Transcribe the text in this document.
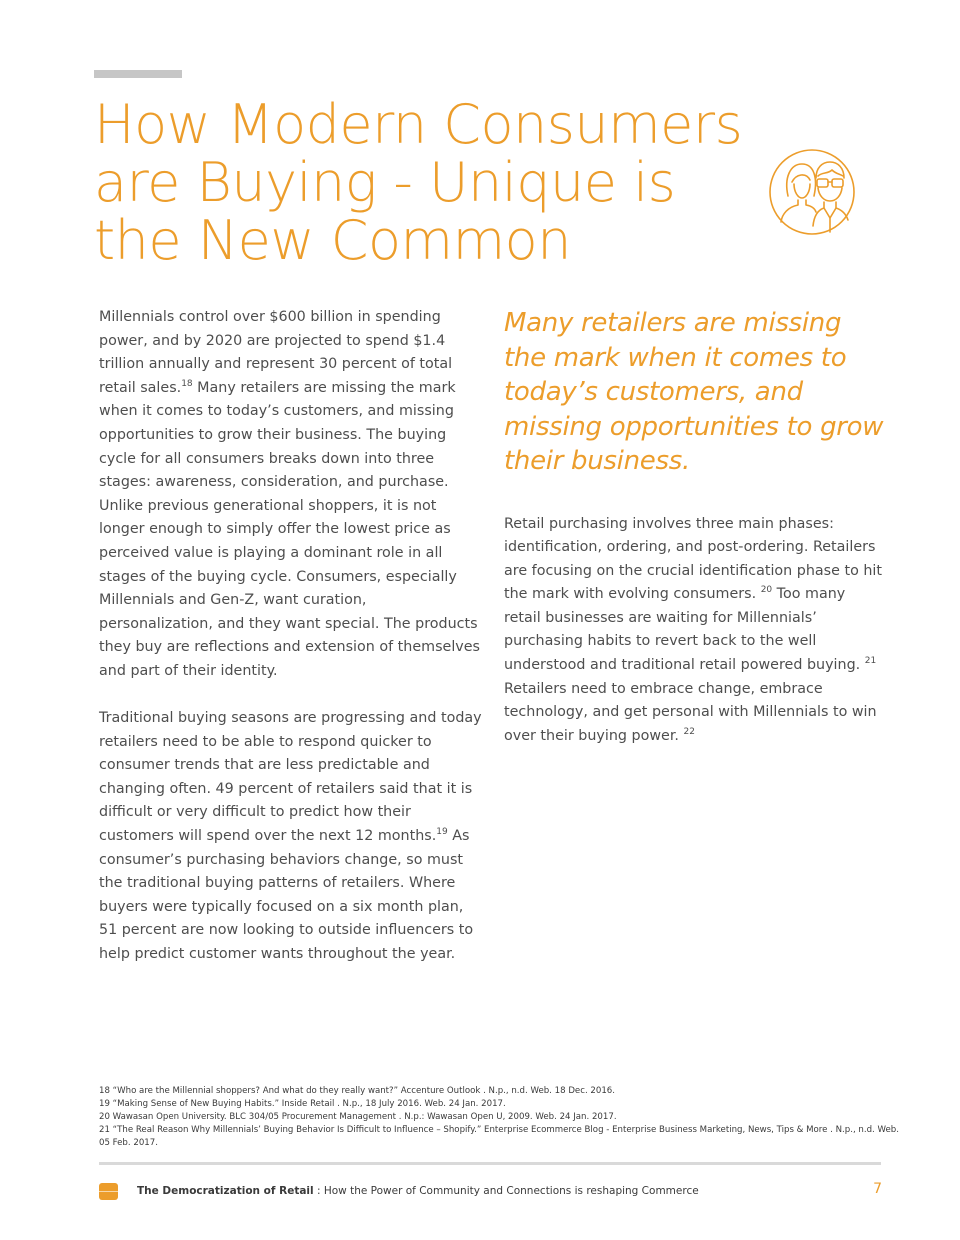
How Modern Consumers
are Buying - Unique is
the New Common

Millennials control over $600 billion in spending power, and by 2020 are projected to spend $1.4 trillion annually and represent 30 percent of total retail sales.$^{18}$ Many retailers are missing the mark when it comes to today’s customers, and missing opportunities to grow their business. The buying cycle for all consumers breaks down into three stages: awareness, consideration, and purchase. Unlike previous generational shoppers, it is not longer enough to simply offer the lowest price as perceived value is playing a dominant role in all stages of the buying cycle. Consumers, especially Millennials and Gen-Z, want curation, personalization, and they want special. The products they buy are reflections and extension of themselves and part of their identity.

Traditional buying seasons are progressing and today retailers need to be able to respond quicker to consumer trends that are less predictable and changing often. 49 percent of retailers said that it is difficult or very difficult to predict how their customers will spend over the next 12 months.$^{19}$ As consumer’s purchasing behaviors change, so must the traditional buying patterns of retailers. Where buyers were typically focused on a six month plan, 51 percent are now looking to outside influencers to help predict customer wants throughout the year.

Many retailers are missing the mark when it comes to today’s customers, and missing opportunities to grow their business.

Retail purchasing involves three main phases: identification, ordering, and post-ordering. Retailers are focusing on the crucial identification phase to hit the mark with evolving consumers. $^{20}$ Too many retail businesses are waiting for Millennials’ purchasing habits to revert back to the well understood and traditional retail powered buying. $^{21}$ Retailers need to embrace change, embrace technology, and get personal with Millennials to win over their buying power. $^{22}$

18 “Who are the Millennial shoppers? And what do they really want?” Accenture Outlook . N.p., n.d. Web. 18 Dec. 2016.
19 “Making Sense of New Buying Habits.” Inside Retail . N.p., 18 July 2016. Web. 24 Jan. 2017.
20 Wawasan Open University. BLC 304/05 Procurement Management . N.p.: Wawasan Open U, 2009. Web. 24 Jan. 2017.
21 “The Real Reason Why Millennials’ Buying Behavior Is Difficult to Influence – Shopify.” Enterprise Ecommerce Blog - Enterprise Business Marketing, News, Tips & More . N.p., n.d. Web. 05 Feb. 2017.
The Democratization of Retail : How the Power of Community and Connections is reshaping Commerce	7
